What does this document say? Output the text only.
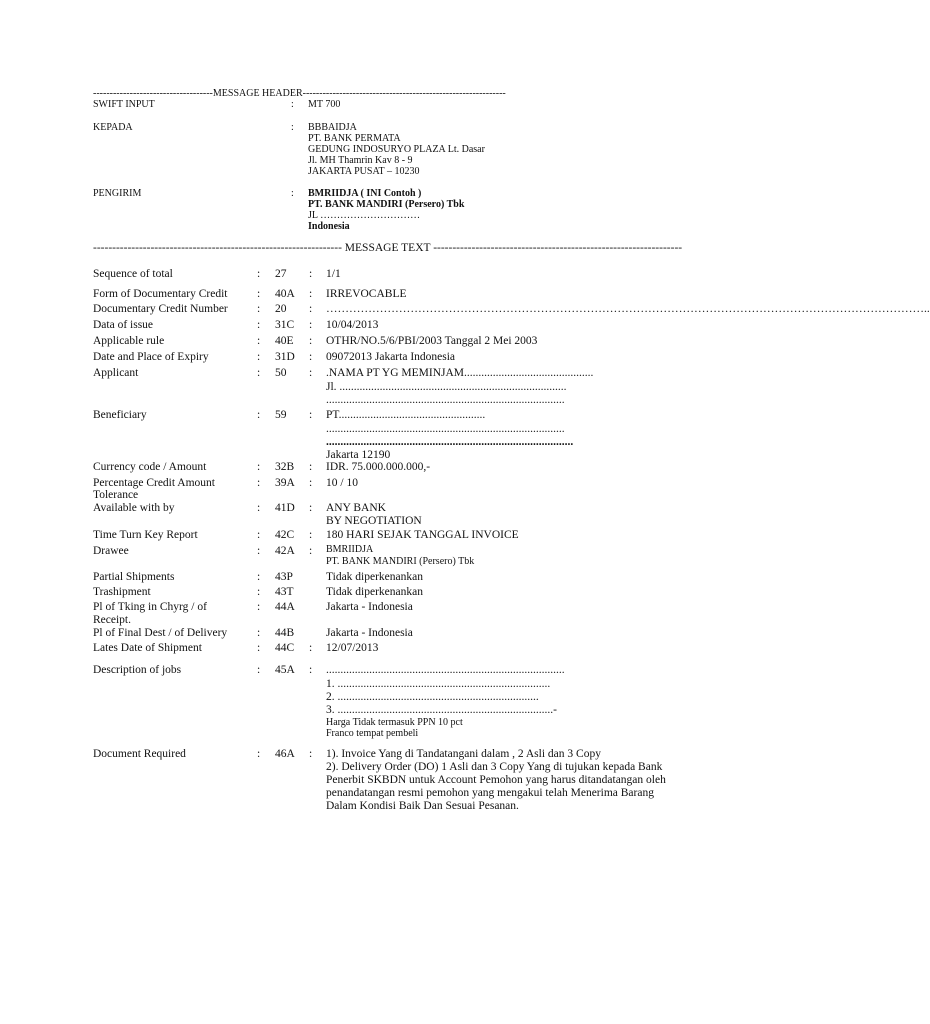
------------------------------------MESSAGE HEADER-------------------------------------------------------------
SWIFT INPUT	: MT 700
KEPADA	: BBBAIDJA
PT. BANK PERMATA
GEDUNG INDOSURYO PLAZA Lt. Dasar
Jl. MH Thamrin Kav 8 - 9
JAKARTA PUSAT – 10230
PENGIRIM	: BMRIIDJA ( INI Contoh )
PT. BANK MANDIRI (Persero) Tbk
JL …………………………
Indonesia
----------------------------------------------------------------- MESSAGE TEXT -----------------------------------------------------------------
Sequence of total	: 27 : 1/1
Form of Documentary Credit	: 40A : IRREVOCABLE
Documentary Credit Number	: 20 : …………………………………………………………………………………………………………………………………………..
Data of issue	: 31C : 10/04/2013
Applicable rule	: 40E : OTHR/NO.5/6/PBI/2003 Tanggal 2 Mei 2003
Date and Place of Expiry	: 31D : 09072013 Jakarta Indonesia
Applicant	: 50 : .NAMA PT YG MEMINJAM.............................................
Jl. ...............................................................................
...................................................................................
Beneficiary	: 59 : PT...................................................
...................................................................................
......................................................................................
Jakarta 12190
Currency code / Amount	: 32B : IDR. 75.000.000.000,-
Percentage Credit Amount
Tolerance
: 39A : 10 / 10
Available with by	: 41D : ANY BANK
BY NEGOTIATION
Time Turn Key Report	: 42C : 180 HARI SEJAK TANGGAL INVOICE
Drawee	: 42A : BMRIIDJA
PT. BANK MANDIRI (Persero) Tbk
Partial Shipments	: 43P	Tidak diperkenankan
Trashipment	: 43T	Tidak diperkenankan
Pl of Tking in Chyrg / of
Receipt.
: 44A	Jakarta - Indonesia
Pl of Final Dest / of Delivery	: 44B	Jakarta - Indonesia
Lates Date of Shipment	: 44C : 12/07/2013
Description of jobs	: 45A : ...................................................................................
1. ..........................................................................
2. ......................................................................
3. ...........................................................................-
Harga Tidak termasuk PPN 10 pct
Franco tempat pembeli
Document Required	: 46A : 1). Invoice Yang di Tandatangani dalam , 2 Asli dan 3 Copy
2). Delivery Order (DO) 1 Asli dan 3 Copy Yang di tujukan kepada Bank
Penerbit SKBDN untuk Account Pemohon yang harus ditandatangan oleh
penandatangan resmi pemohon yang mengakui telah Menerima Barang
Dalam Kondisi Baik Dan Sesuai Pesanan.
